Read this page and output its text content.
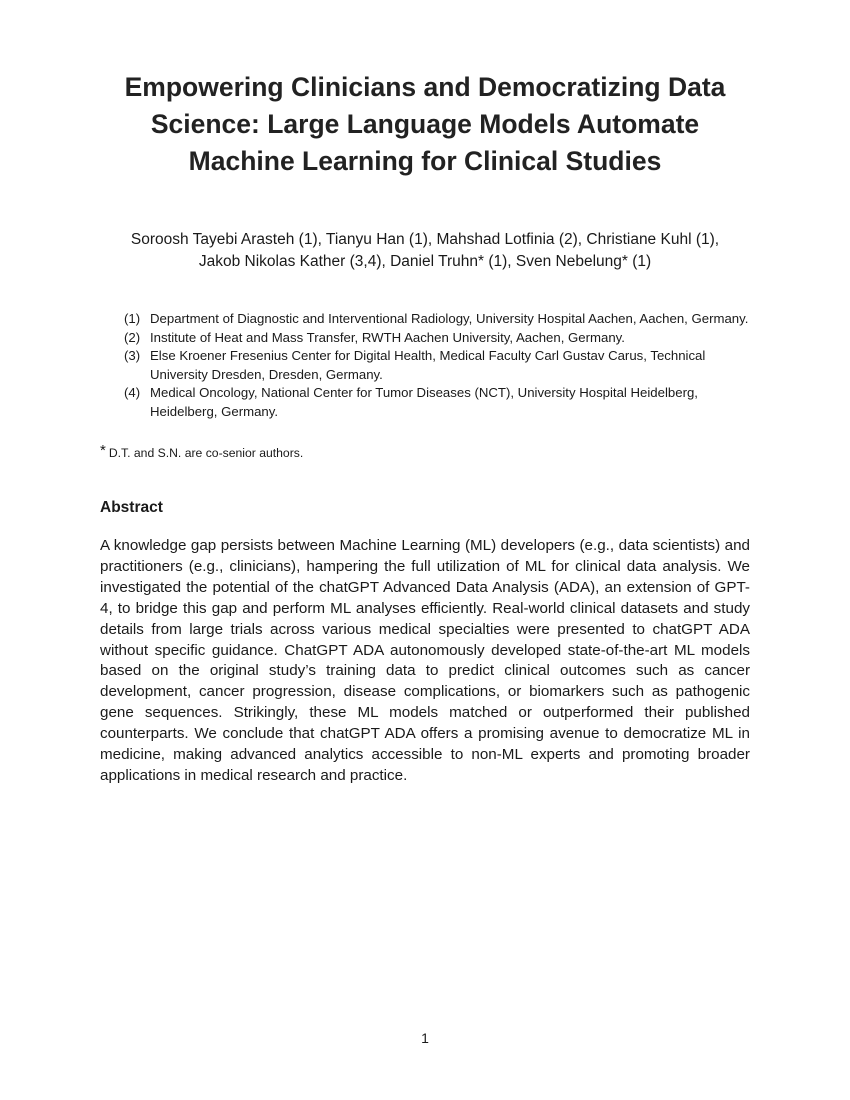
Empowering Clinicians and Democratizing Data
Science: Large Language Models Automate
Machine Learning for Clinical Studies
Soroosh Tayebi Arasteh (1), Tianyu Han (1), Mahshad Lotfinia (2), Christiane Kuhl (1),
Jakob Nikolas Kather (3,4), Daniel Truhn* (1), Sven Nebelung* (1)
(1) Department of Diagnostic and Interventional Radiology, University Hospital Aachen, Aachen, Germany.
(2) Institute of Heat and Mass Transfer, RWTH Aachen University, Aachen, Germany.
(3) Else Kroener Fresenius Center for Digital Health, Medical Faculty Carl Gustav Carus, Technical University Dresden, Dresden, Germany.
(4) Medical Oncology, National Center for Tumor Diseases (NCT), University Hospital Heidelberg, Heidelberg, Germany.
* D.T. and S.N. are co-senior authors.
Abstract
A knowledge gap persists between Machine Learning (ML) developers (e.g., data scientists) and practitioners (e.g., clinicians), hampering the full utilization of ML for clinical data analysis. We investigated the potential of the chatGPT Advanced Data Analysis (ADA), an extension of GPT-4, to bridge this gap and perform ML analyses efficiently. Real-world clinical datasets and study details from large trials across various medical specialties were presented to chatGPT ADA without specific guidance. ChatGPT ADA autonomously developed state-of-the-art ML models based on the original study’s training data to predict clinical outcomes such as cancer development, cancer progression, disease complications, or biomarkers such as pathogenic gene sequences. Strikingly, these ML models matched or outperformed their published counterparts. We conclude that chatGPT ADA offers a promising avenue to democratize ML in medicine, making advanced analytics accessible to non-ML experts and promoting broader applications in medical research and practice.
1
